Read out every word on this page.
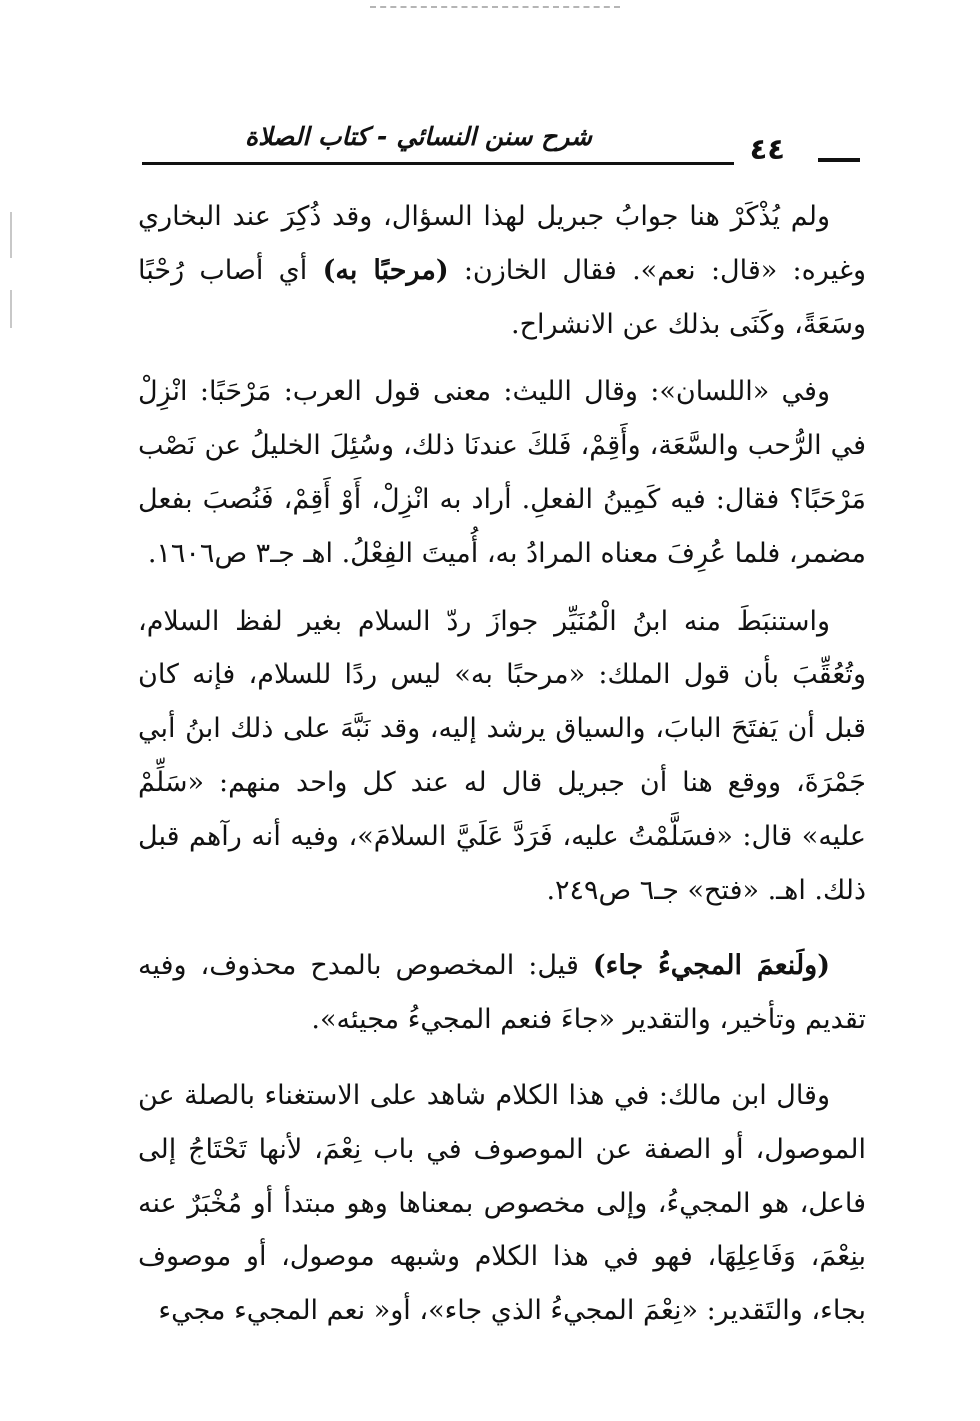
شرح سنن النسائي - كتاب الصلاة	٤٤

ولم يُذْكَرْ هنا جوابُ جبريل لهذا السؤال، وقد ذُكِرَ عند البخاري وغيره: «قال: نعم». فقال الخازن: (مرحبًا به) أي أصاب رُحْبًا وسَعَةً، وكَنَى بذلك عن الانشراح.

وفي «اللسان»: وقال الليث: معنى قول العرب: مَرْحَبًا: انْزِلْ في الرُّحب والسَّعَة، وأَقِمْ، فَلكَ عندنَا ذلك، وسُئِلَ الخليلُ عن نَصْب مَرْحَبًا؟ فقال: فيه كَمِينُ الفعلِ. أراد به انْزِلْ، أَوْ أَقِمْ، فَنُصبَ بفعل مضمر، فلما عُرِفَ معناه المرادُ به، أُميتَ الفِعْلُ. اهـ جـ٣ ص١٦٠٦.

واستنبَطَ منه ابنُ الْمُنَيِّر جوازَ ردّ السلام بغير لفظ السلام، وتُعُقِّبَ بأن قول الملك: «مرحبًا به» ليس ردًا للسلام، فإنه كان قبل أن يَفتَحَ البابَ، والسياق يرشد إليه، وقد نَبَّهَ على ذلك ابنُ أبي جَمْرَةَ، ووقع هنا أن جبريل قال له عند كل واحد منهم: «سَلِّمْ عليه» قال: «فسَلَّمْتُ عليه، فَرَدَّ عَلَيَّ السلامَ»، وفيه أنه رآهم قبل ذلك. اهـ. «فتح» جـ٦ ص٢٤٩.

(ولَنعمَ المجيءُ جاء) قيل: المخصوص بالمدح محذوف، وفيه تقديم وتأخير، والتقدير «جاءَ فنعم المجيءُ مجيئه».

وقال ابن مالك: في هذا الكلام شاهد على الاستغناء بالصلة عن الموصول، أو الصفة عن الموصوف في باب نِعْمَ، لأنها تَحْتَاجُ إلى فاعل، هو المجيءُ، وإلى مخصوص بمعناها وهو مبتدأ أو مُخْبَرٌ عنه بنِعْمَ، وَفَاعِلِهَا، فهو في هذا الكلام وشبهه موصول، أو موصوف بجاء، والتَقدير: «نِعْمَ المجيءُ الذي جاء»، أو« نعم المجيء مجيء
